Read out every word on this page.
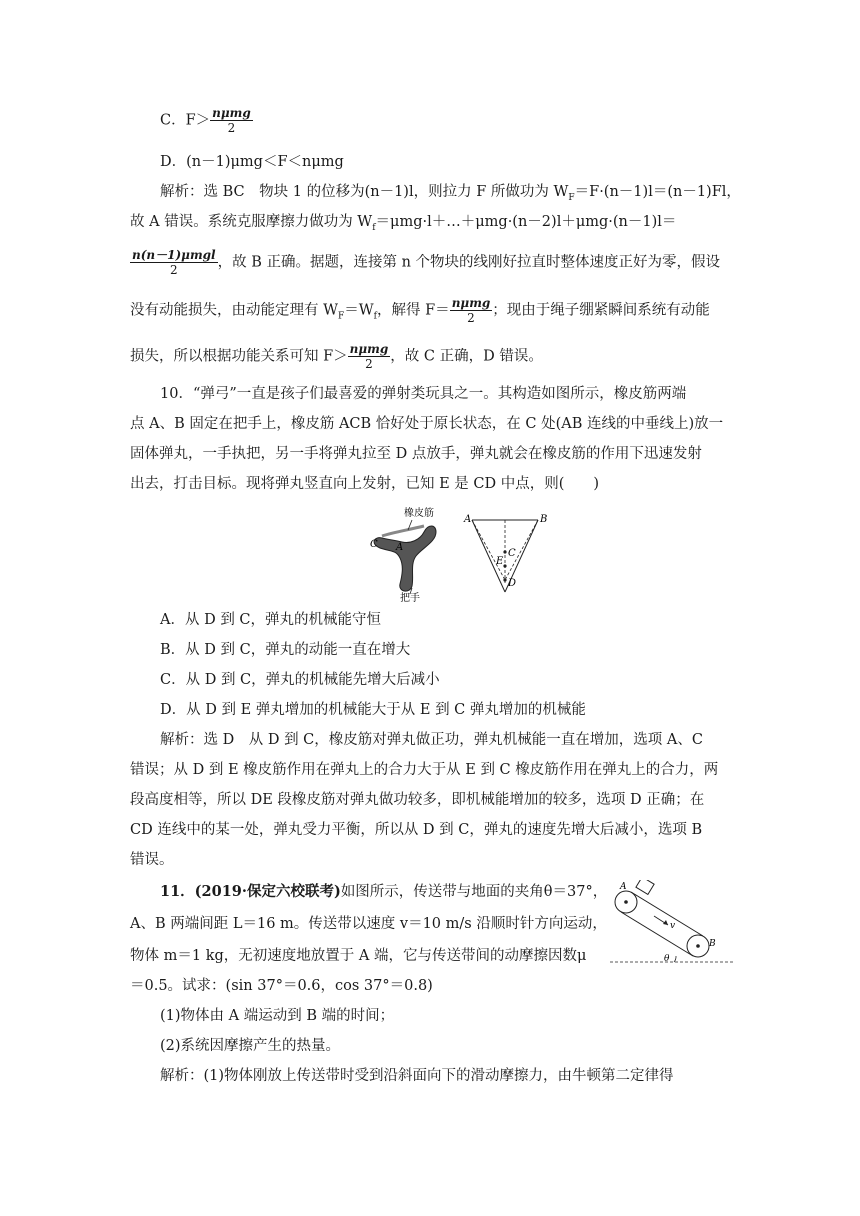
C．$F> \frac{\text{nμmg}}{2}$
D．(n－1)μmg＜F＜nμmg
解析：选 BC　物块 1 的位移为(n－1)l，则拉力 F 所做功为 $W_F=F\cdot(n-1)l=(n-1)Fl$，
故 A 错误。系统克服摩擦力做功为 $W_f=\mu mg\cdot l+\dots+\mu mg\cdot(n-2)l+\mu mg\cdot(n-1)l=$
$\frac{\text{n(n－1)μmgl}}{2}$ ，故 B 正确。据题，连接第 n 个物块的线刚好拉直时整体速度正好为零，假设
没有动能损失，由动能定理有 $W_F=W_f$，解得 $F= \frac{\text{nμmg}}{2}$ ；现由于绳子绷紧瞬间系统有动能
损失，所以根据功能关系可知 $F> \frac{\text{nμmg}}{2}$ ，故 C 正确，D 错误。
10．“弹弓”一直是孩子们最喜爱的弹射类玩具之一。其构造如图所示，橡皮筋两端
点 A、B 固定在把手上，橡皮筋 ACB 恰好处于原长状态，在 C 处(AB 连线的中垂线上)放一
固体弹丸，一手执把，另一手将弹丸拉至 D 点放手，弹丸就会在橡皮筋的作用下迅速发射
出去，打击目标。现将弹丸竖直向上发射，已知 E 是 CD 中点，则(　　)
橡皮筋
C A
把手
A	B
C
E
D
A．从 D 到 C，弹丸的机械能守恒
B．从 D 到 C，弹丸的动能一直在增大
C．从 D 到 C，弹丸的机械能先增大后减小
D．从 D 到 E 弹丸增加的机械能大于从 E 到 C 弹丸增加的机械能
解析：选 D　从 D 到 C，橡皮筋对弹丸做正功，弹丸机械能一直在增加，选项 A、C
错误；从 D 到 E 橡皮筋作用在弹丸上的合力大于从 E 到 C 橡皮筋作用在弹丸上的合力，两
段高度相等，所以 DE 段橡皮筋对弹丸做功较多，即机械能增加的较多，选项 D 正确；在
CD 连线中的某一处，弹丸受力平衡，所以从 D 到 C，弹丸的速度先增大后减小，选项 B
错误。
11．(2019·保定六校联考)如图所示，传送带与地面的夹角θ＝37°，
A、B 两端间距 L＝16 m。传送带以速度 v＝10 m/s 沿顺时针方向运动，
物体 m＝1 kg，无初速度地放置于 A 端，它与传送带间的动摩擦因数μ
＝0.5。试求：(sin 37°＝0.6，cos 37°＝0.8)
v
A
B
θ
(1)物体由 A 端运动到 B 端的时间；
(2)系统因摩擦产生的热量。
解析：(1)物体刚放上传送带时受到沿斜面向下的滑动摩擦力，由牛顿第二定律得
